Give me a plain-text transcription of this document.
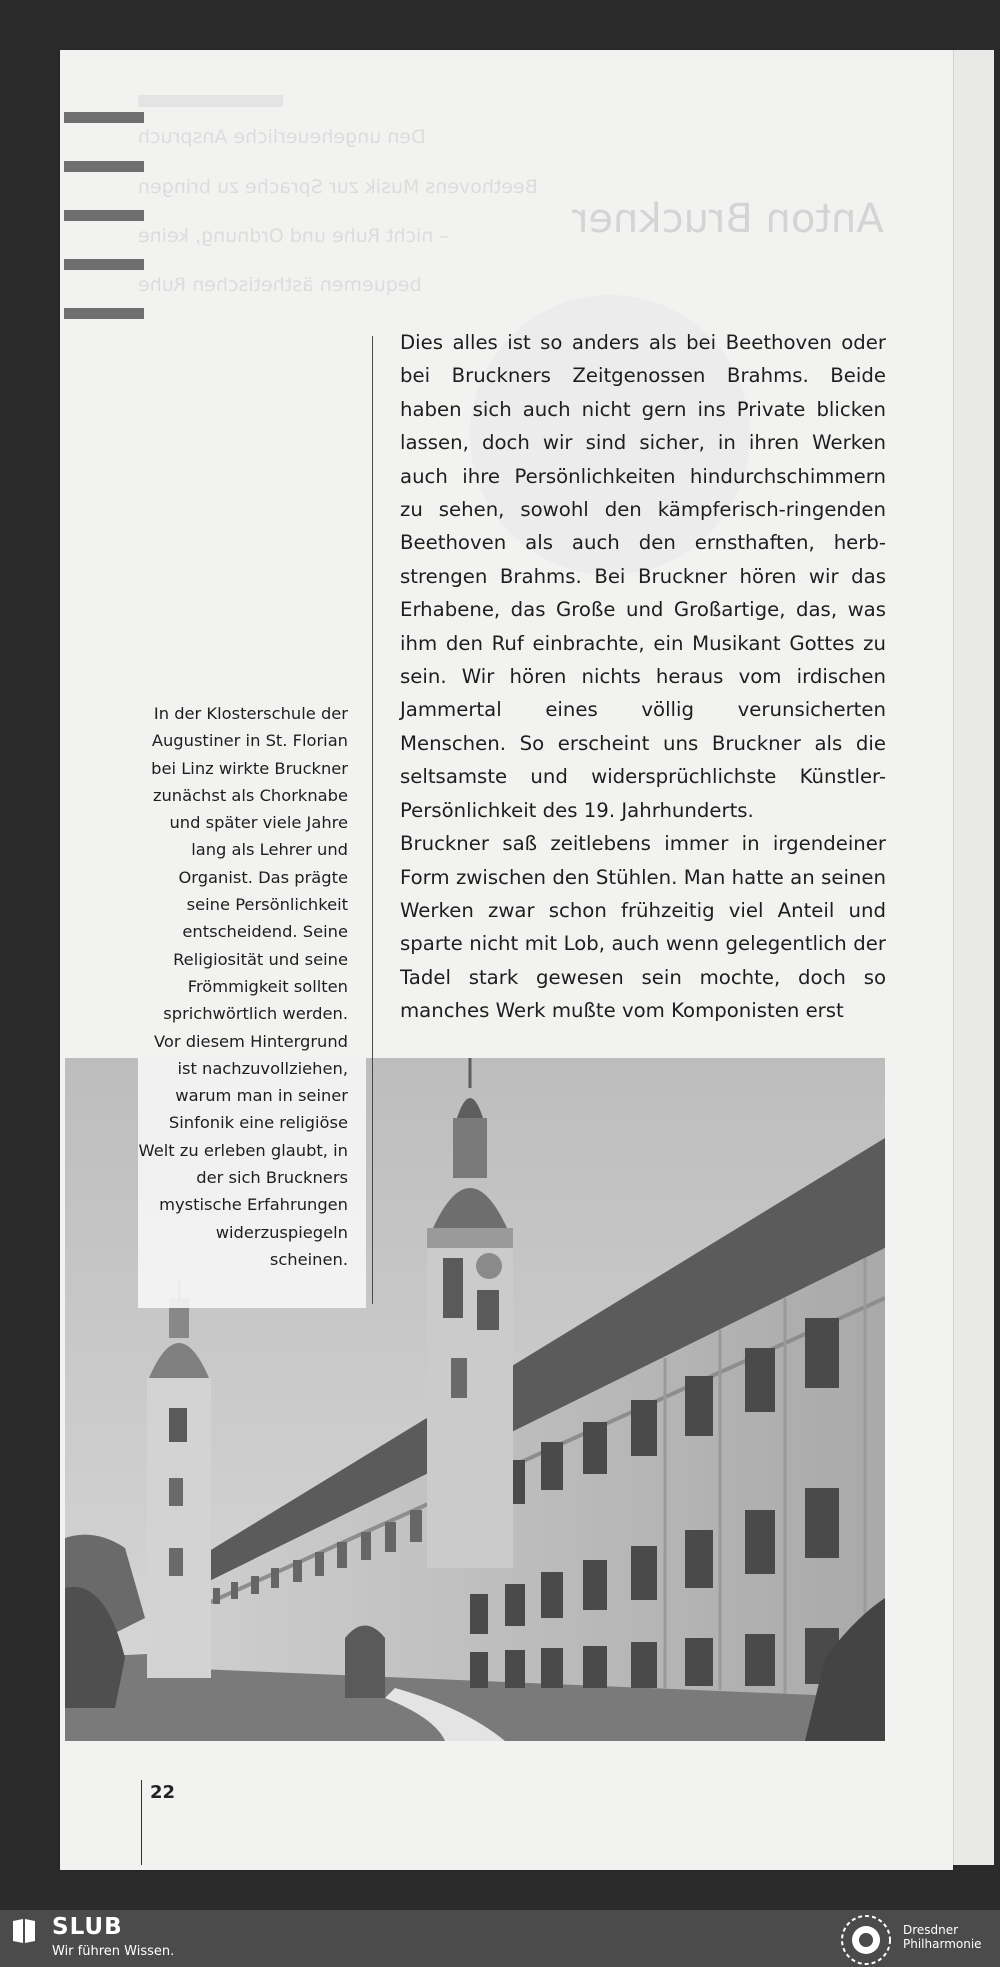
Anton Bruckner
Den ungeheuerliche Anspruch
Beethovens Musik zur Sprache zu bringen
– nicht Ruhe und Ordnung, keine
bequemen ästhetischen Ruhe

Dies alles ist so anders als bei Beethoven oder bei Bruckners Zeitgenossen Brahms. Beide haben sich auch nicht gern ins Private blicken lassen, doch wir sind sicher, in ihren Werken auch ihre Persönlichkeiten hindurchschimmern zu sehen, sowohl den kämpferisch-ringenden Beethoven als auch den ernsthaften, herb-strengen Brahms. Bei Bruckner hören wir das Erhabene, das Große und Großartige, das, was ihm den Ruf einbrachte, ein Musikant Gottes zu sein. Wir hören nichts heraus vom irdischen Jammertal eines völlig verunsicherten Menschen. So erscheint uns Bruckner als die seltsamste und widersprüchlichste Künstler-Persönlichkeit des 19. Jahrhunderts.

Bruckner saß zeitlebens immer in irgendeiner Form zwischen den Stühlen. Man hatte an seinen Werken zwar schon frühzeitig viel Anteil und sparte nicht mit Lob, auch wenn gelegentlich der Tadel stark gewesen sein mochte, doch so manches Werk mußte vom Komponisten erst

In der Klosterschule der Augustiner in St. Florian bei Linz wirkte Bruckner zunächst als Chorknabe und später viele Jahre lang als Lehrer und Organist. Das prägte seine Persönlichkeit entscheidend. Seine Religiosität und seine Frömmigkeit sollten sprichwörtlich werden.

Vor diesem Hintergrund ist nachzuvollziehen, warum man in seiner Sinfonik eine religiöse Welt zu erleben glaubt, in der sich Bruckners mystische Erfahrungen widerzuspiegeln scheinen.

22
SLUB
Wir führen Wissen.
Dresdner
Philharmonie
